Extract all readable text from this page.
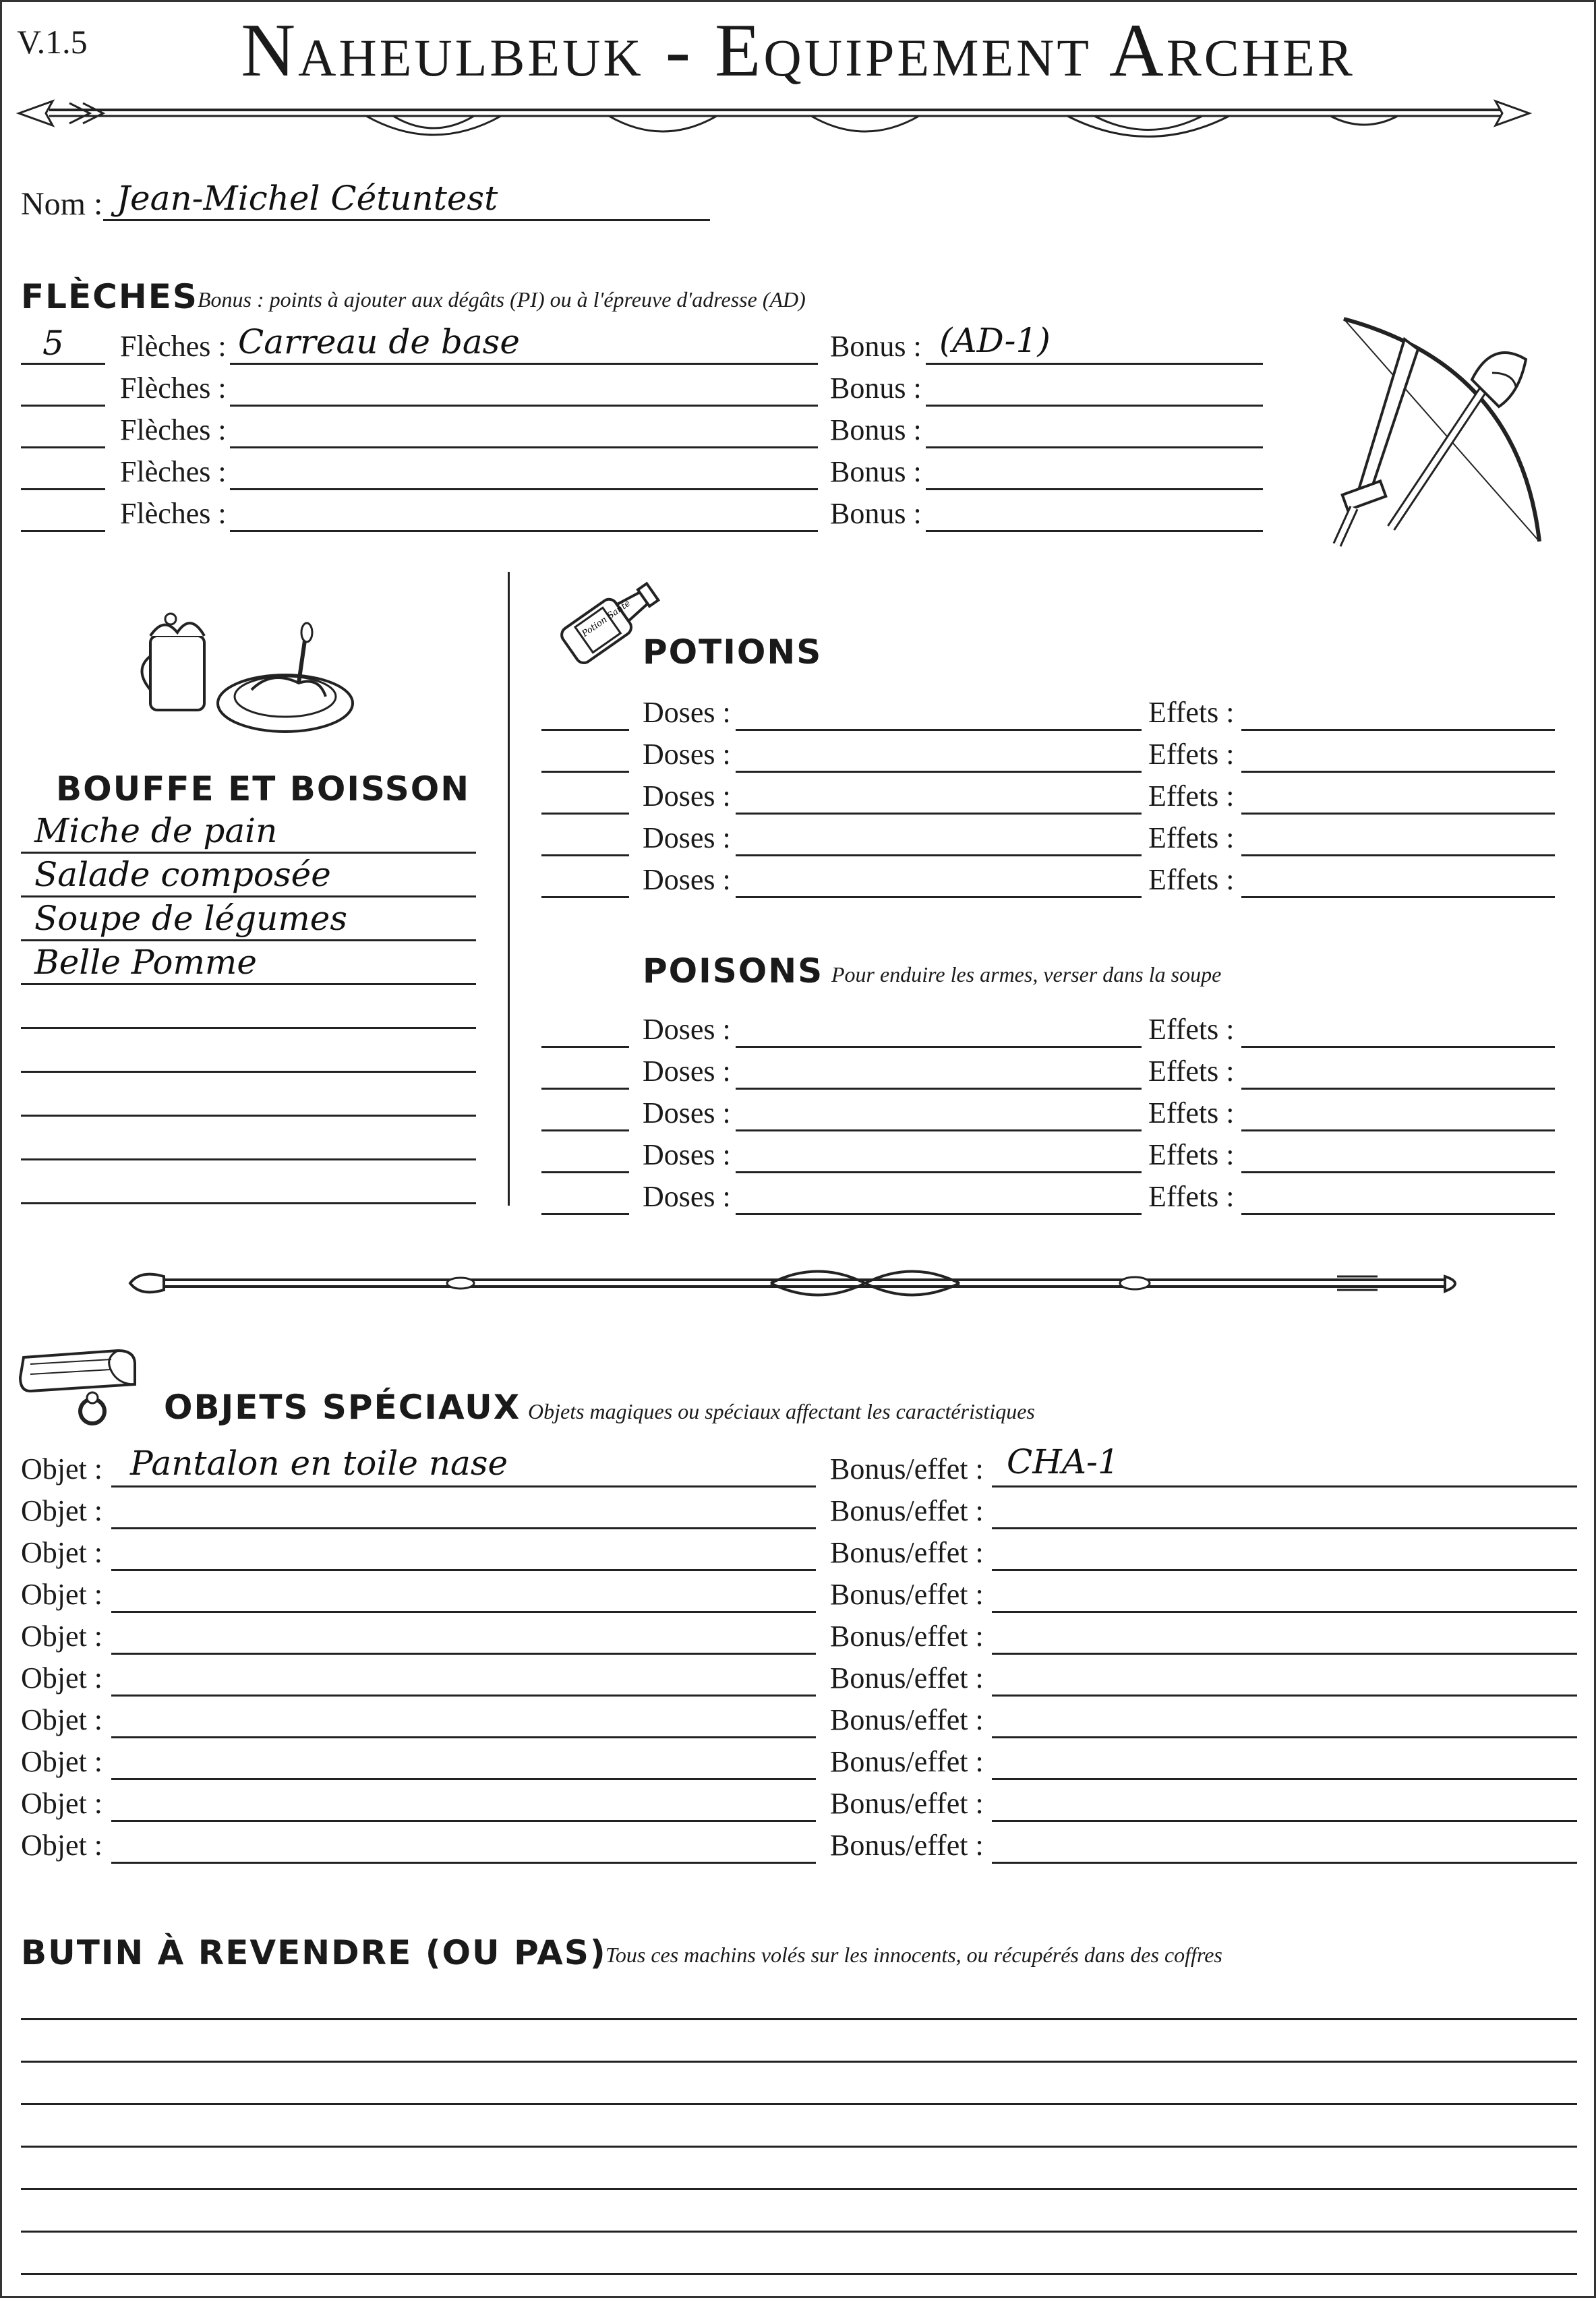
V.1.5	Naheulbeuk - Equipement Archer
Nom : Jean-Michel Cétuntest
FLÈCHES Bonus : points à ajouter aux dégâts (PI) ou à l'épreuve d'adresse (AD)
5 Flèches : Carreau de base	Bonus : (AD-1)
Flèches :	Bonus :
Flèches :	Bonus :
Flèches :	Bonus :
Flèches :	Bonus :
BOUFFE ET BOISSON
Miche de pain
Salade composée
Soupe de légumes
Belle Pomme
Potion Santé
POTIONS
Doses :	Effets :
Doses :	Effets :
Doses :	Effets :
Doses :	Effets :
Doses :	Effets :
POISONS Pour enduire les armes, verser dans la soupe
Doses :	Effets :
Doses :	Effets :
Doses :	Effets :
Doses :	Effets :
Doses :	Effets :
OBJETS SPÉCIAUX Objets magiques ou spéciaux affectant les caractéristiques
Objet : Pantalon en toile nase	Bonus/effet : CHA-1
Objet :	Bonus/effet :
Objet :	Bonus/effet :
Objet :	Bonus/effet :
Objet :	Bonus/effet :
Objet :	Bonus/effet :
Objet :	Bonus/effet :
Objet :	Bonus/effet :
Objet :	Bonus/effet :
Objet :	Bonus/effet :
BUTIN À REVENDRE (OU PAS)
Tous ces machins volés sur les innocents, ou récupérés dans des coffres
